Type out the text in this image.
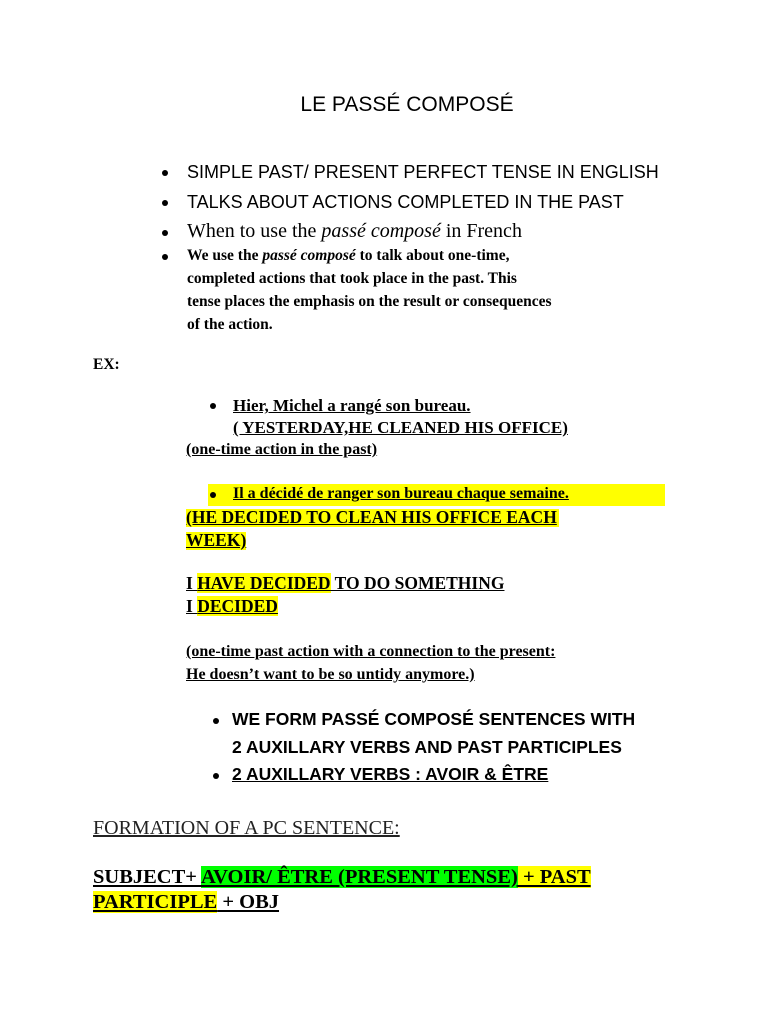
LE PASSÉ COMPOSÉ
SIMPLE PAST/ PRESENT PERFECT TENSE IN ENGLISH
TALKS ABOUT ACTIONS COMPLETED IN THE PAST
When to use the passé composé in French
We use the passé composé to talk about one-time,
completed actions that took place in the past. This
tense places the emphasis on the result or consequences
of the action.
EX:
Hier, Michel a rangé son bureau.
( YESTERDAY,HE CLEANED HIS OFFICE)
(one-time action in the past)
Il a décidé de ranger son bureau chaque semaine.
(HE DECIDED TO CLEAN HIS OFFICE EACH
WEEK)
I HAVE DECIDED TO DO SOMETHING
I DECIDED
(one-time past action with a connection to the present:
He doesn’t want to be so untidy anymore.)
WE FORM PASSÉ COMPOSÉ SENTENCES WITH
2 AUXILLARY VERBS AND PAST PARTICIPLES
2 AUXILLARY VERBS : AVOIR & ÊTRE
FORMATION OF A PC SENTENCE:
SUBJECT+ AVOIR/ ÊTRE (PRESENT TENSE) + PAST
PARTICIPLE + OBJ
